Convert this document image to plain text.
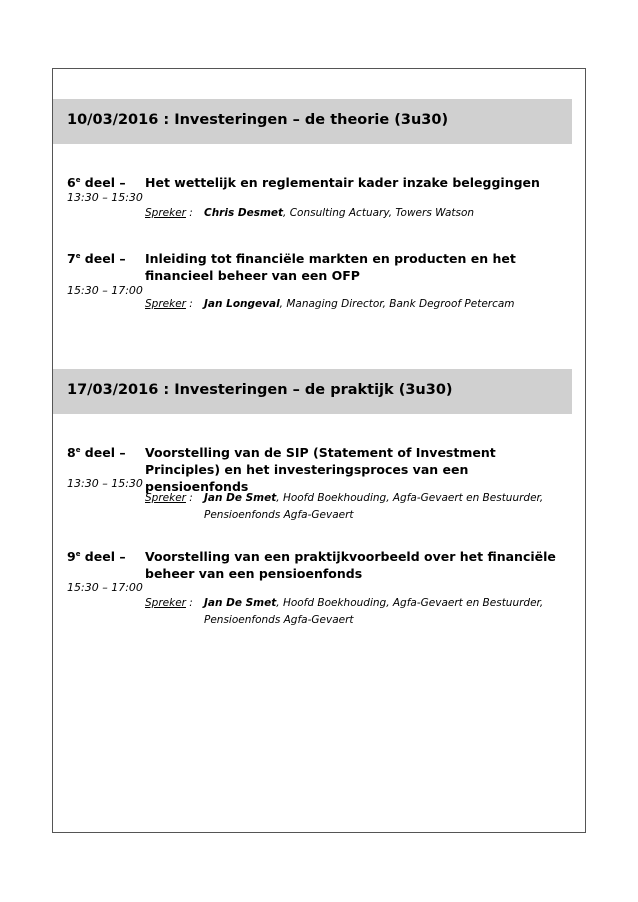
10/03/2016 : Investeringen – de theorie (3u30)
6e deel – Het wettelijk en reglementair kader inzake beleggingen
13:30 – 15:30
Spreker : Chris Desmet, Consulting Actuary, Towers Watson
7e deel – Inleiding tot financiële markten en producten en het financieel beheer van een OFP
15:30 – 17:00
Spreker : Jan Longeval, Managing Director, Bank Degroof Petercam
17/03/2016 : Investeringen – de praktijk (3u30)
8e deel – Voorstelling van de SIP (Statement of Investment Principles) en het investeringsproces van een pensioenfonds
13:30 – 15:30
Spreker : Jan De Smet, Hoofd Boekhouding, Agfa-Gevaert en Bestuurder, Pensioenfonds Agfa-Gevaert
9e deel – Voorstelling van een praktijkvoorbeeld over het financiële beheer van een pensioenfonds
15:30 – 17:00
Spreker : Jan De Smet, Hoofd Boekhouding, Agfa-Gevaert en Bestuurder, Pensioenfonds Agfa-Gevaert
